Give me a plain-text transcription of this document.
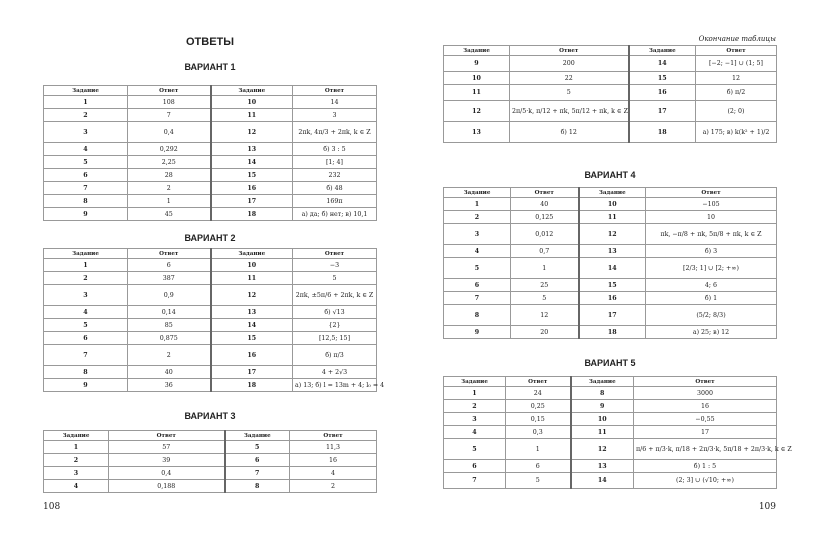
ОТВЕТЫ
ВАРИАНТ 1
Задание	Ответ	Задание	Ответ
1	108	10	14
2	7	11	3
3	0,4	12	2πk, 4π/3 + 2πk, k ∈ Z
4	0,292	13	б) 3 : 5
5	2,25	14	[1; 4]
6	28	15	232
7	2	16	б) 48
8	1	17	169π
9	45	18	а) да; б) нет; в) 10,1
ВАРИАНТ 2
Задание	Ответ	Задание	Ответ
1	6	10	−3
2	387	11	5
3	0,9	12	2πk, ±5π/6 + 2πk, k ∈ Z
4	0,14	13	б) √13
5	85	14	{2}
6	0,875	15	[12,5; 15]
7	2	16	б) π/3
8	40	17	4 + 2√3
9	36	18	а) 13; б) l = 13m + 4; l₀ = 4
ВАРИАНТ 3
Задание	Ответ	Задание	Ответ
1	57	5	11,3
2	39	6	16
3	0,4	7	4
4	0,188	8	2
108
Окончание таблицы
Задание	Ответ	Задание	Ответ
9	200	14	[−2; −1] ∪ (1; 5]
10	22	15	12
11	5	16	б) π/2
12	2π/5·k, π/12 + πk, 5π/12 + πk, k ∈ Z	17	(2; 0)
13	б) 12	18	а) 175; в) k(k² + 1)/2
ВАРИАНТ 4
Задание	Ответ	Задание	Ответ
1	40	10	−105
2	0,125	11	10
3	0,012	12	πk, −π/8 + πk, 5π/8 + πk, k ∈ Z
4	0,7	13	б) 3
5	1	14	[2/3; 1] ∪ [2; +∞)
6	25	15	4; 6
7	5	16	б) 1
8	12	17	(5/2; 8/3)
9	20	18	а) 25; в) 12
ВАРИАНТ 5
Задание	Ответ	Задание	Ответ
1	24	8	3000
2	0,25	9	16
3	0,15	10	−0,55
4	0,3	11	17
5	1	12	π/6 + π/3·k, π/18 + 2π/3·k, 5π/18 + 2π/3·k, k ∈ Z
6	6	13	б) 1 : 5
7	5	14	(2; 3] ∪ (√10; +∞)
109
